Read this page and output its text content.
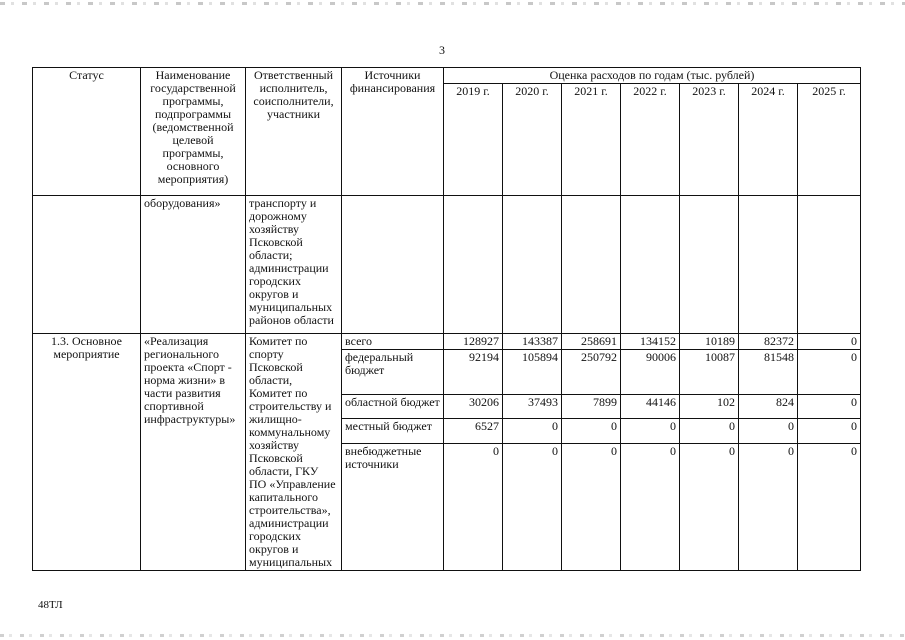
3
Статус	Наименование государственной программы, подпрограммы (ведомственной целевой программы, основного мероприятия)	Ответственный исполнитель, соисполнители, участники	Источники финансирования	Оценка расходов по годам (тыс. рублей)						
				2019 г.	2020 г.	2021 г.	2022 г.	2023 г.	2024 г.	2025 г.
	оборудования»	транспорту и дорожному хозяйству Псковской области; администрации городских округов и муниципальных районов области								
1.3. Основное мероприятие	«Реализация регионального проекта «Спорт - норма жизни» в части развития спортивной инфраструктуры»	Комитет по спорту Псковской области, Комитет по строительству и жилищно-коммунальному хозяйству Псковской области, ГКУ ПО «Управление капитального строительства», администрации городских округов и муниципальных	всего	128927	143387	258691	134152	10189	82372	0
			федеральный бюджет	92194	105894	250792	90006	10087	81548	0
			областной бюджет	30206	37493	7899	44146	102	824	0
			местный бюджет	6527	0	0	0	0	0	0
			внебюджетные источники	0	0	0	0	0	0	0
48ТЛ
